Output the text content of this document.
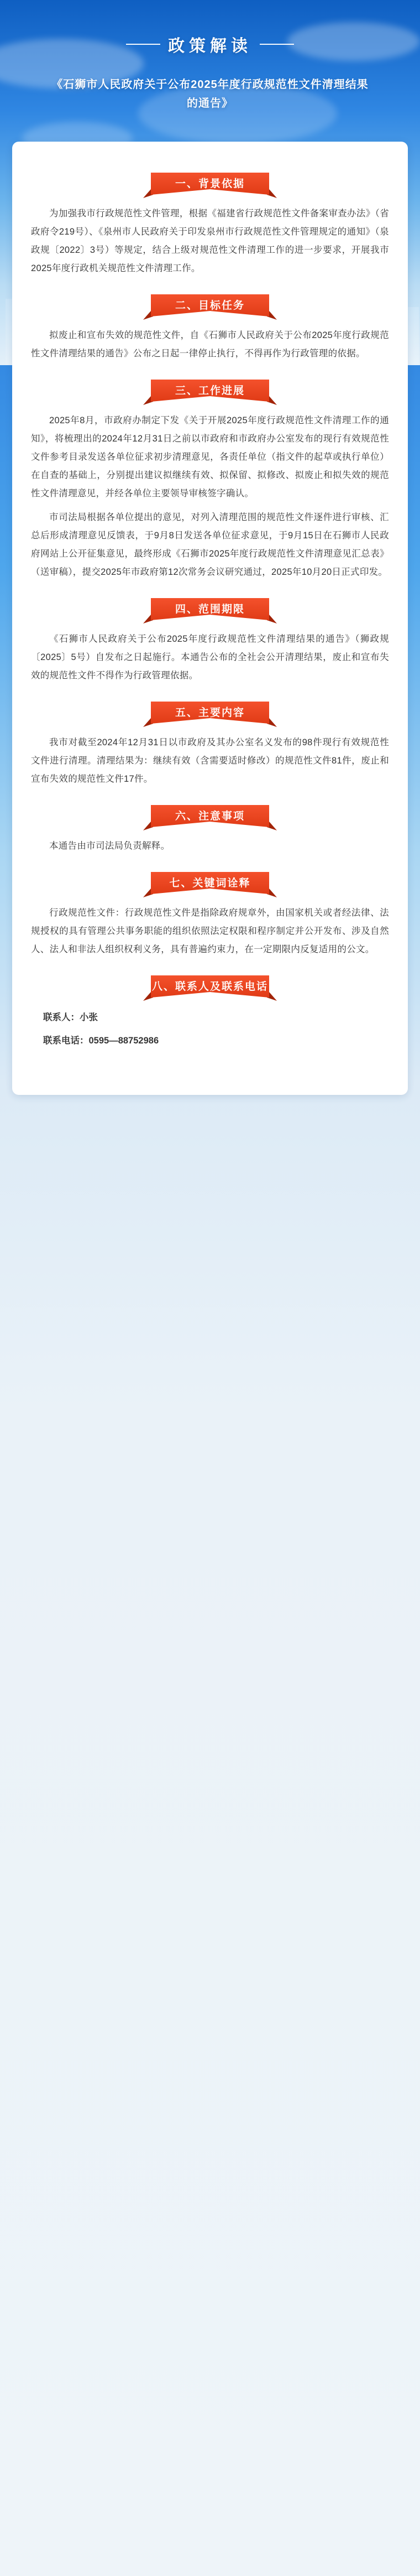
政策解读
《石狮市人民政府关于公布2025年度行政规范性文件清理结果的通告》
一、背景依据

为加强我市行政规范性文件管理，根据《福建省行政规范性文件备案审查办法》（省政府令219号）、《泉州市人民政府关于印发泉州市行政规范性文件管理规定的通知》（泉政规〔2022〕3号）等规定，结合上级对规范性文件清理工作的进一步要求，开展我市2025年度行政机关规范性文件清理工作。

二、目标任务

拟废止和宣布失效的规范性文件，自《石狮市人民政府关于公布2025年度行政规范性文件清理结果的通告》公布之日起一律停止执行，不得再作为行政管理的依据。

三、工作进展

2025年8月，市政府办制定下发《关于开展2025年度行政规范性文件清理工作的通知》，将梳理出的2024年12月31日之前以市政府和市政府办公室发布的现行有效规范性文件参考目录发送各单位征求初步清理意见，各责任单位（指文件的起草或执行单位）在自查的基础上，分别提出建议拟继续有效、拟保留、拟修改、拟废止和拟失效的规范性文件清理意见，并经各单位主要领导审核签字确认。

市司法局根据各单位提出的意见，对列入清理范围的规范性文件逐件进行审核、汇总后形成清理意见反馈表，于9月8日发送各单位征求意见，于9月15日在石狮市人民政府网站上公开征集意见，最终形成《石狮市2025年度行政规范性文件清理意见汇总表》（送审稿），提交2025年市政府第12次常务会议研究通过，2025年10月20日正式印发。

四、范围期限

《石狮市人民政府关于公布2025年度行政规范性文件清理结果的通告》（狮政规〔2025〕5号）自发布之日起施行。本通告公布的全社会公开清理结果，废止和宣布失效的规范性文件不得作为行政管理依据。

五、主要内容

我市对截至2024年12月31日以市政府及其办公室名义发布的98件现行有效规范性文件进行清理。清理结果为：继续有效（含需要适时修改）的规范性文件81件，废止和宣布失效的规范性文件17件。

六、注意事项

本通告由市司法局负责解释。

七、关键词诠释

行政规范性文件：行政规范性文件是指除政府规章外，由国家机关或者经法律、法规授权的具有管理公共事务职能的组织依照法定权限和程序制定并公开发布、涉及自然人、法人和非法人组织权利义务，具有普遍约束力，在一定期限内反复适用的公文。

八、联系人及联系电话
联系人：小张
联系电话：0595—88752986
